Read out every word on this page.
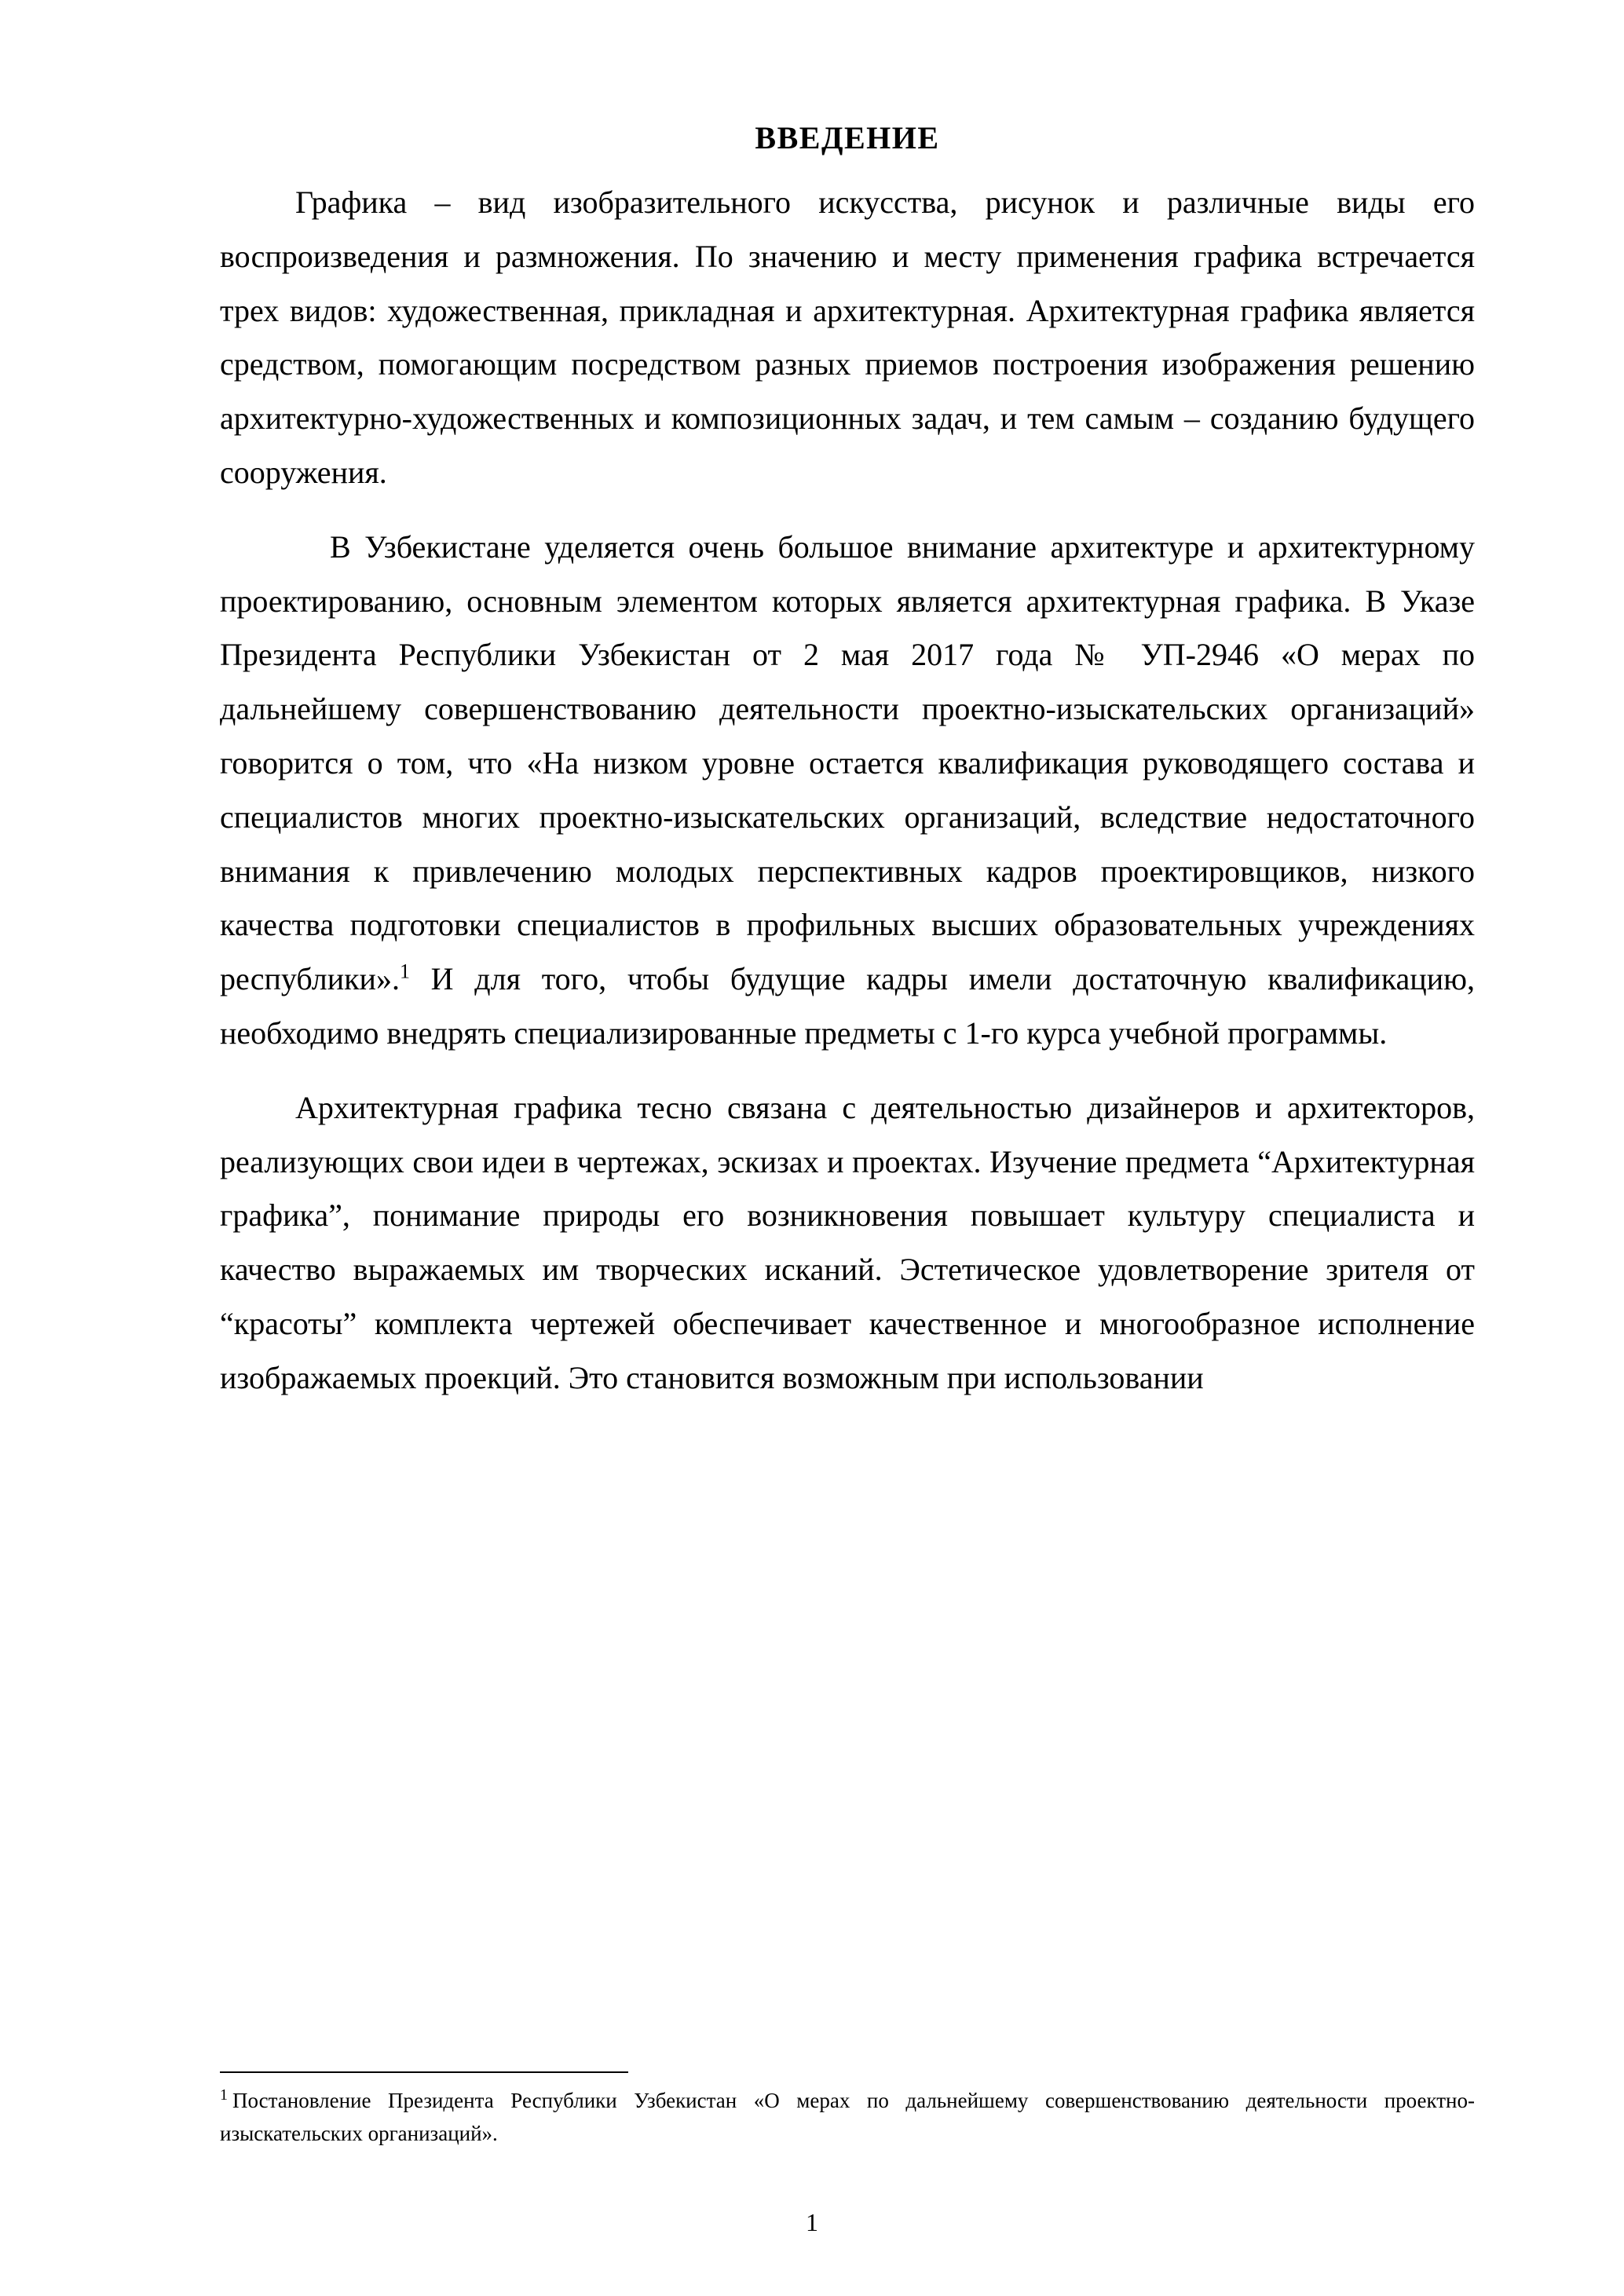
ВВЕДЕНИЕ

Графика – вид изобразительного искусства, рисунок и различные виды его воспроизведения и размножения. По значению и месту применения графика встречается трех видов: художественная, прикладная и архитектурная. Архитектурная графика является средством, помогающим посредством разных приемов построения изображения решению архитектурно-художественных и композиционных задач, и тем самым – созданию будущего сооружения.

В Узбекистане уделяется очень большое внимание архитектуре и архитектурному проектированию, основным элементом которых является архитектурная графика. В Указе Президента Республики Узбекистан от 2 мая 2017 года № УП-2946 «О мерах по дальнейшему совершенствованию деятельности проектно-изыскательских организаций» говорится о том, что «На низком уровне остается квалификация руководящего состава и специалистов многих проектно-изыскательских организаций, вследствие недостаточного внимания к привлечению молодых перспективных кадров проектировщиков, низкого качества подготовки специалистов в профильных высших образовательных учреждениях республики».$^1$ И для того, чтобы будущие кадры имели достаточную квалификацию, необходимо внедрять специализированные предметы с 1-го курса учебной программы.

Архитектурная графика тесно связана с деятельностью дизайнеров и архитекторов, реализующих свои идеи в чертежах, эскизах и проектах. Изучение предмета “Архитектурная графика”, понимание природы его возникновения повышает культуру специалиста и качество выражаемых им творческих исканий. Эстетическое удовлетворение зрителя от “красоты” комплекта чертежей обеспечивает качественное и многообразное исполнение изображаемых проекций. Это становится возможным при использовании

$^1$ Постановление Президента Республики Узбекистан «О мерах по дальнейшему совершенствованию деятельности проектно-изыскательских организаций».

1
